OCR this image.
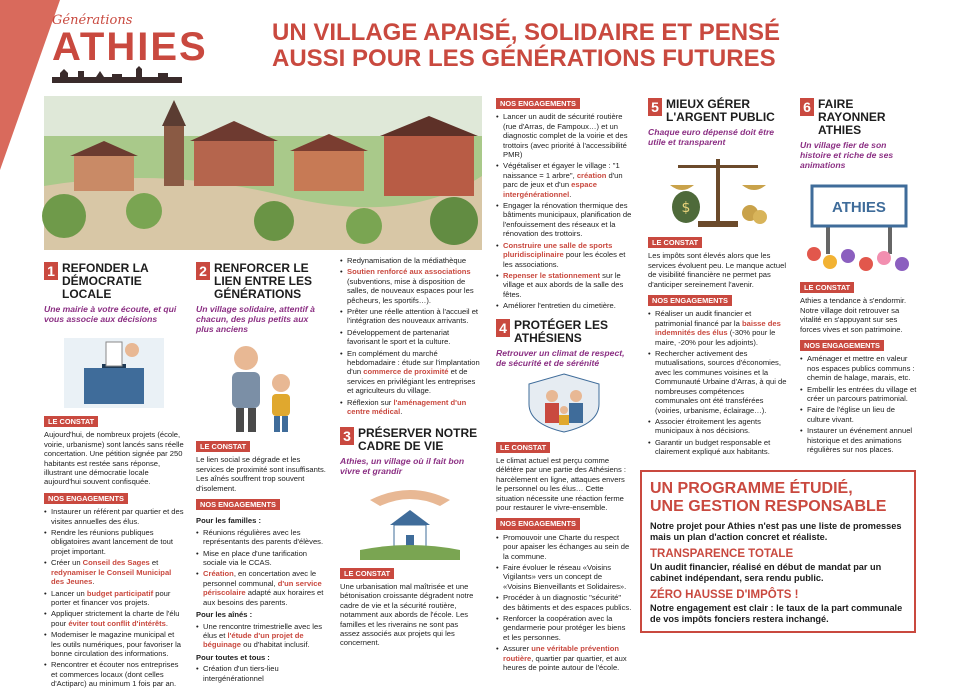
Générations
ATHIES	UN VILLAGE APAISÉ, SOLIDAIRE ET PENSÉ
AUSSI POUR LES GÉNÉRATIONS FUTURES
1 REFONDER LA DÉMOCRATIE LOCALE
Une mairie à votre écoute, et qui vous associe aux décisions
LE CONSTAT
Aujourd'hui, de nombreux projets (école, voirie, urbanisme) sont lancés sans réelle concertation. Une pétition signée par 250 habitants est restée sans réponse, illustrant une démocratie locale aujourd'hui souvent confisquée.
NOS ENGAGEMENTS
• Instaurer un référent par quartier et des visites annuelles des élus.
• Rendre les réunions publiques obligatoires avant lancement de tout projet important.
• Créer un Conseil des Sages et redynamiser le Conseil Municipal des Jeunes.
• Lancer un budget participatif pour porter et financer vos projets.
• Appliquer strictement la charte de l'élu pour éviter tout conflit d'intérêts.
• Modemiser le magazine municipal et les outils numériques, pour favoriser la bonne circulation des informations.
• Rencontrer et écouter nos entreprises et commerces locaux (dont celles d'Actiparc) au minimum 1 fois par an.
2 RENFORCER LE LIEN ENTRE LES GÉNÉRATIONS
Un village solidaire, attentif à chacun, des plus petits aux plus anciens
LE CONSTAT
Le lien social se dégrade et les services de proximité sont insuffisants. Les aînés souffrent trop souvent d'isolement.
NOS ENGAGEMENTS
Pour les familles :
• Réunions régulières avec les représentants des parents d'élèves.
• Mise en place d'une tarification sociale via le CCAS.
• Création, en concertation avec le personnel communal, d'un service périscolaire adapté aux horaires et aux besoins des parents.
Pour les aînés :
• Une rencontre trimestrielle avec les élus et l'étude d'un projet de béguinage ou d'habitat inclusif.
Pour toutes et tous :
• Création d'un tiers-lieu intergénérationnel
• Redynamisation de la médiathèque
• Soutien renforcé aux associations (subventions, mise à disposition de salles, de nouveaux espaces pour les pêcheurs, les sportifs…).
• Prêter une réelle attention à l'accueil et l'intégration des nouveaux arrivants.
• Développement de partenariat favorisant le sport et la culture.
• En complément du marché hebdomadaire : étude sur l'implantation d'un commerce de proximité et de services en privilégiant les entreprises et agriculteurs du village.
• Réflexion sur l'aménagement d'un centre médical.
3 PRÉSERVER NOTRE CADRE DE VIE
Athies, un village où il fait bon vivre et grandir
LE CONSTAT
Une urbanisation mal maîtrisée et une bétonisation croissante dégradent notre cadre de vie et la sécurité routière, notamment aux abords de l'école. Les familles et les riverains ne sont pas assez associés aux projets qui les concernent.
NOS ENGAGEMENTS
• Lancer un audit de sécurité routière (rue d'Arras, de Fampoux…) et un diagnostic complet de la voirie et des trottoirs (avec priorité à l'accessibilité PMR)
• Végétaliser et égayer le village : "1 naissance = 1 arbre", création d'un parc de jeux et d'un espace intergénérationnel.
• Engager la rénovation thermique des bâtiments municipaux, planification de l'enfouissement des réseaux et la rénovation des trottoirs.
• Construire une salle de sports pluridisciplinaire pour les écoles et les associations.
• Repenser le stationnement sur le village et aux abords de la salle des fêtes.
• Améliorer l'entretien du cimetière.
4 PROTÉGER LES ATHÉSIENS
Retrouver un climat de respect, de sécurité et de sérénité
LE CONSTAT
Le climat actuel est perçu comme délétère par une partie des Athésiens : harcèlement en ligne, attaques envers le personnel ou les élus… Cette situation nécessite une réaction ferme pour restaurer le vivre-ensemble.
NOS ENGAGEMENTS
• Promouvoir une Charte du respect pour apaiser les échanges au sein de la commune.
• Faire évoluer le réseau «Voisins Vigilants» vers un concept de «Voisins Bienveillants et Solidaires».
• Procéder à un diagnostic "sécurité" des bâtiments et des espaces publics.
• Renforcer la coopération avec la gendarmerie pour protéger les biens et les personnes.
• Assurer une véritable prévention routière, quartier par quartier, et aux heures de pointe autour de l'école.
5 MIEUX GÉRER L'ARGENT PUBLIC
Chaque euro dépensé doit être utile et transparent
$
LE CONSTAT
Les impôts sont élevés alors que les services évoluent peu. Le manque actuel de visibilité financière ne permet pas d'anticiper sereinement l'avenir.
NOS ENGAGEMENTS
• Réaliser un audit financier et patrimonial financé par la baisse des indemnités des élus (-30% pour le maire, -20% pour les adjoints).
• Rechercher activement des mutualisations, sources d'économies, avec les communes voisines et la Communauté Urbaine d'Arras, à qui de nombreuses compétences communales ont été transférées (voiries, urbanisme, éclairage…).
• Associer étroitement les agents municipaux à nos décisions.
• Garantir un budget responsable et clairement expliqué aux habitants.
6 FAIRE RAYONNER ATHIES
Un village fier de son histoire et riche de ses animations
ATHIES
LE CONSTAT
Athies a tendance à s'endormir. Notre village doit retrouver sa vitalité en s'appuyant sur ses forces vives et son patrimoine.
NOS ENGAGEMENTS
• Aménager et mettre en valeur nos espaces publics communs : chemin de halage, marais, etc.
• Embellir les entrées du village et créer un parcours patrimonial.
• Faire de l'église un lieu de culture vivant.
• Instaurer un événement annuel historique et des animations régulières sur nos places.
UN PROGRAMME ÉTUDIÉ,
UNE GESTION RESPONSABLE
Notre projet pour Athies n'est pas une liste de promesses mais un plan d'action concret et réaliste.
TRANSPARENCE TOTALE
Un audit financier, réalisé en début de mandat par un cabinet indépendant, sera rendu public.
ZÉRO HAUSSE D'IMPÔTS !
Notre engagement est clair : le taux de la part communale de vos impôts fonciers restera inchangé.
